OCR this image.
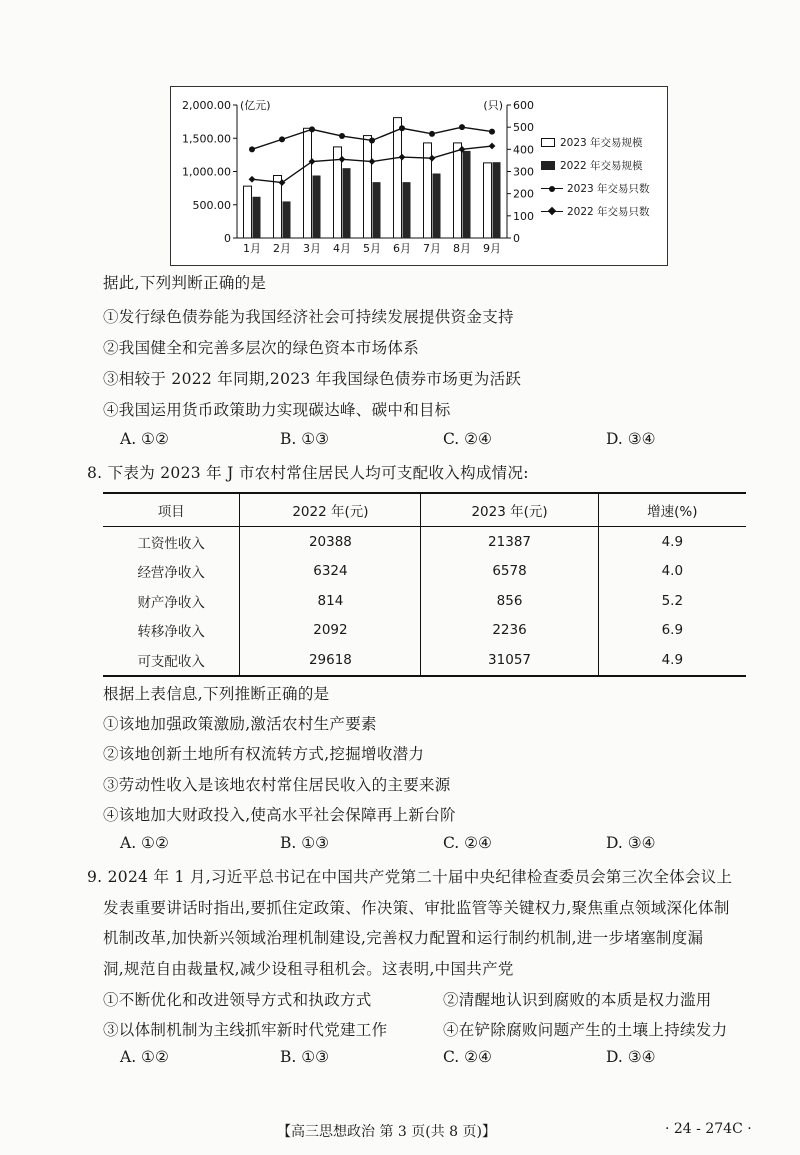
0
500.00
1,000.00
1,500.00
2,000.00 (亿元)
0
100
200
300
400
500
600
(只)
1月 2月 3月 4月 5月 6月 7月 8月 9月
2023 年交易规模
2022 年交易规模
2023 年交易只数
2022 年交易只数
据此,下列判断正确的是
①发行绿色债券能为我国经济社会可持续发展提供资金支持
②我国健全和完善多层次的绿色资本市场体系
③相较于 2022 年同期,2023 年我国绿色债券市场更为活跃
④我国运用货币政策助力实现碳达峰、碳中和目标
A. ①②	B. ①③	C. ②④	D. ③④
8. 下表为 2023 年 J 市农村常住居民人均可支配收入构成情况:
项目	2022 年(元)	2023 年(元)	增速(%)
工资性收入	20388	21387	4.9
经营净收入	6324	6578	4.0
财产净收入	814	856	5.2
转移净收入	2092	2236	6.9
可支配收入	29618	31057	4.9
根据上表信息,下列推断正确的是
①该地加强政策激励,激活农村生产要素
②该地创新土地所有权流转方式,挖掘增收潜力
③劳动性收入是该地农村常住居民收入的主要来源
④该地加大财政投入,使高水平社会保障再上新台阶
A. ①②	B. ①③	C. ②④	D. ③④
9. 2024 年 1 月,习近平总书记在中国共产党第二十届中央纪律检查委员会第三次全体会议上
发表重要讲话时指出,要抓住定政策、作决策、审批监管等关键权力,聚焦重点领域深化体制
机制改革,加快新兴领域治理机制建设,完善权力配置和运行制约机制,进一步堵塞制度漏
洞,规范自由裁量权,减少设租寻租机会。这表明,中国共产党
①不断优化和改进领导方式和执政方式	②清醒地认识到腐败的本质是权力滥用
③以体制机制为主线抓牢新时代党建工作	④在铲除腐败问题产生的土壤上持续发力
A. ①②	B. ①③	C. ②④	D. ③④
【高三思想政治 第 3 页(共 8 页)】	· 24 - 274C ·
